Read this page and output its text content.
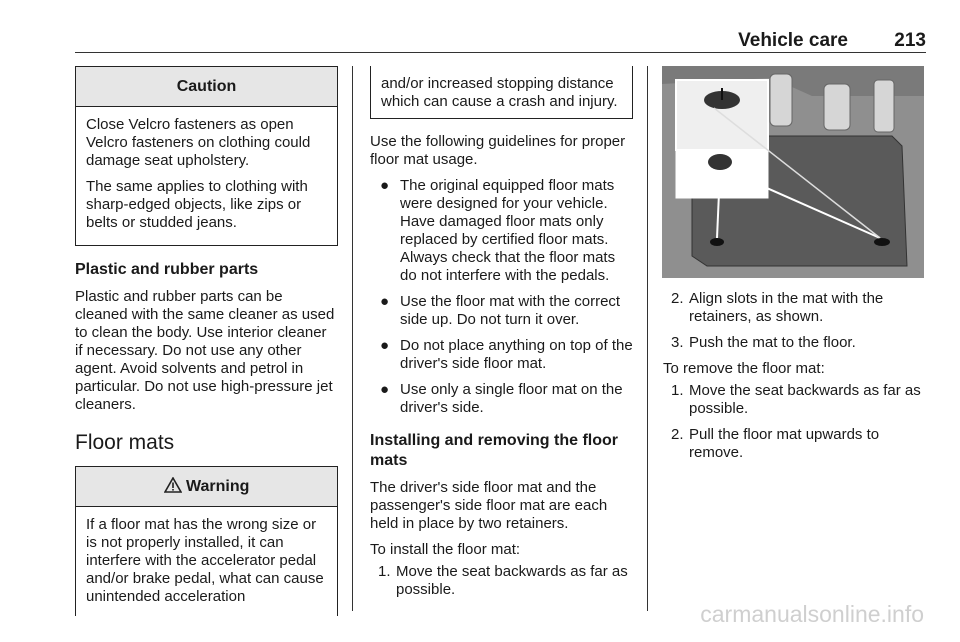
Vehicle care 213
Caution

Close Velcro fasteners as open Velcro fasteners on clothing could damage seat upholstery.

The same applies to clothing with sharp-edged objects, like zips or belts or studded jeans.

Plastic and rubber parts

Plastic and rubber parts can be cleaned with the same cleaner as used to clean the body. Use interior cleaner if necessary. Do not use any other agent. Avoid solvents and petrol in particular. Do not use high-pressure jet cleaners.

Floor mats
Warning

If a floor mat has the wrong size or is not properly installed, it can interfere with the accelerator pedal and/or brake pedal, what can cause unintended acceleration

and/or increased stopping distance which can cause a crash and injury.

Use the following guidelines for proper floor mat usage.

● The original equipped floor mats were designed for your vehicle. Have damaged floor mats only replaced by certified floor mats. Always check that the floor mats do not interfere with the pedals.
● Use the floor mat with the correct side up. Do not turn it over.
● Do not place anything on top of the driver's side floor mat.
● Use only a single floor mat on the driver's side.
Installing and removing the floor mats

The driver's side floor mat and the passenger's side floor mat are each held in place by two retainers.

To install the floor mat:

1. Move the seat backwards as far as possible.
2. Align slots in the mat with the retainers, as shown.
3. Push the mat to the floor.

To remove the floor mat:

1. Move the seat backwards as far as possible.
2. Pull the floor mat upwards to remove.
carmanualsonline.info
